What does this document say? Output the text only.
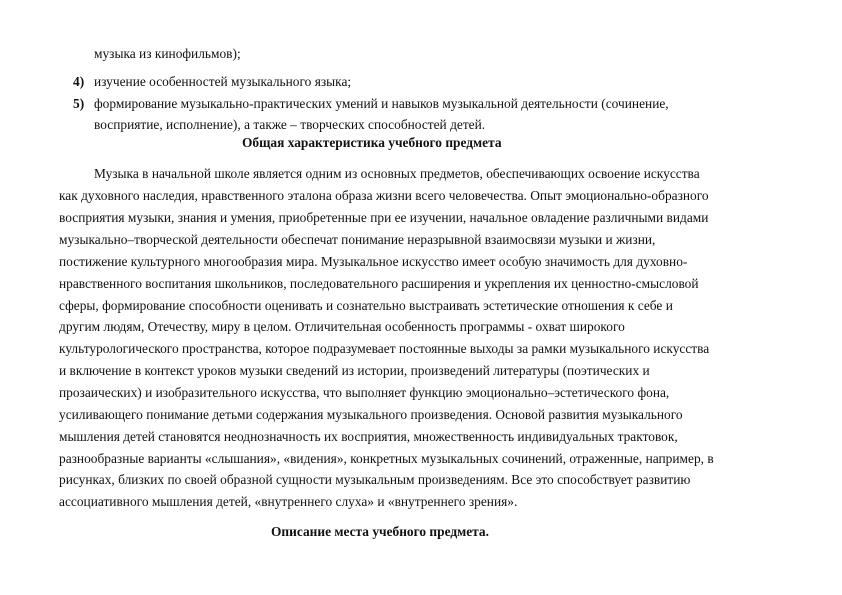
музыка из кинофильмов);
4) изучение особенностей музыкального языка;
5) формирование музыкально-практических умений и навыков музыкальной деятельности (сочинение,
восприятие, исполнение), а также – творческих способностей детей.
Общая характеристика учебного предмета
Музыка в начальной школе является одним из основных предметов, обеспечивающих освоение искусства
как духовного наследия, нравственного эталона образа жизни всего человечества. Опыт эмоционально-образного
восприятия музыки, знания и умения, приобретенные при ее изучении, начальное овладение различными видами
музыкально–творческой деятельности обеспечат понимание неразрывной взаимосвязи музыки и жизни,
постижение культурного многообразия мира. Музыкальное искусство имеет особую значимость для духовно-
нравственного воспитания школьников, последовательного расширения и укрепления их ценностно-смысловой
сферы, формирование способности оценивать и сознательно выстраивать эстетические отношения к себе и
другим людям, Отечеству, миру в целом. Отличительная особенность программы - охват широкого
культурологического пространства, которое подразумевает постоянные выходы за рамки музыкального искусства
и включение в контекст уроков музыки сведений из истории, произведений литературы (поэтических и
прозаических) и изобразительного искусства, что выполняет функцию эмоционально–эстетического фона,
усиливающего понимание детьми содержания музыкального произведения. Основой развития музыкального
мышления детей становятся неоднозначность их восприятия, множественность индивидуальных трактовок,
разнообразные варианты «слышания», «видения», конкретных музыкальных сочинений, отраженные, например, в
рисунках, близких по своей образной сущности музыкальным произведениям. Все это способствует развитию
ассоциативного мышления детей, «внутреннего слуха» и «внутреннего зрения».
Описание места учебного предмета.
